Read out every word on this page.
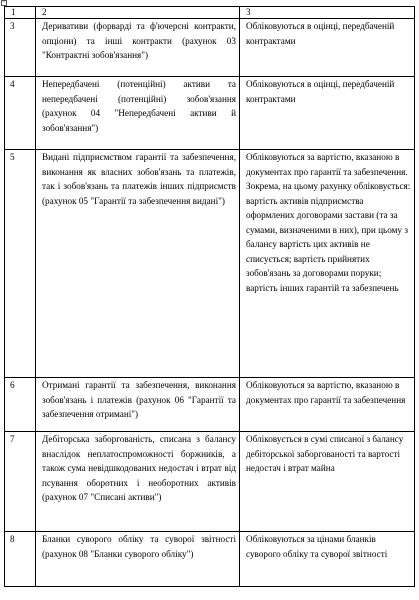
+
1	2	3
3	Деривативи (форварді та ф'ючерсні контракти, опціони) та інші контракти (рахунок 03 "Контрактні зобов'язання")	Обліковуються в оцінці, передбаченій контрактами
4	Непередбачені (потенційні) активи та непередбачені (потенційні) зобов'язання (рахунок 04 "Непередбачені активи й зобов'язання")	Обліковуються в оцінці, передбаченій контрактами
5	Видані підприємством гарантії та забезпечення, виконання як власних зобов'язань та платежів, так і зобов'язань та платежів інших підприємств (рахунок 05 "Гарантії та забезпечення видані")	Обліковуються за вартістю, вказаною в документах про гарантії та забезпечення. Зокрема, на цьому рахунку обліковується: вартість активів підприємства оформлених договорами застави (та за сумами, визначеними в них), при цьому з балансу вартість цих активів не списується; вартість прийнятих зобов'язань за договорами поруки; вартість інших гарантій та забезпечень
6	Отримані гарантії та забезпечення, виконання зобов'язань і платежів (рахунок 06 "Гарантії та забезпечення отримані")	Обліковуються за вартістю, вказаною в документах про гарантії та забезпечення
7	Дебіторська заборгованість, списана з балансу внаслідок неплатоспроможності боржників, а також сума невідшкодованих недостач і втрат від псування оборотних і необоротних активів (рахунок 07 "Списані активи")	Обліковується в сумі списаної з балансу дебіторської заборгованості та вартості недостач і втрат майна
8	Бланки суворого обліку та суворої звітності (рахунок 08 "Бланки суворого обліку")	Обліковуються за цінами бланків суворого обліку та суворої звітності
